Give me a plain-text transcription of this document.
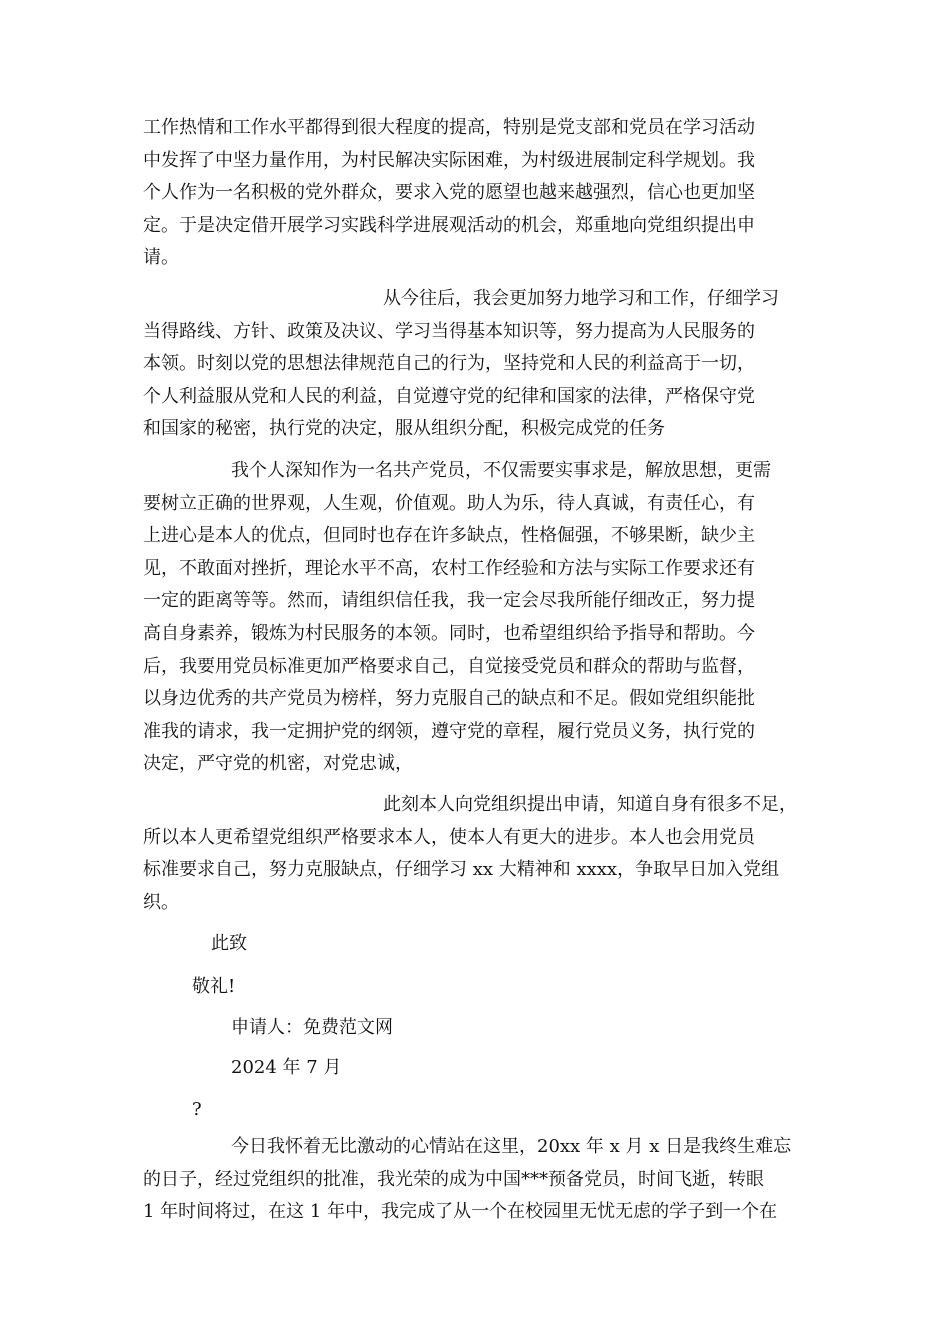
工作热情和工作水平都得到很大程度的提高，特别是党支部和党员在学习活动
中发挥了中坚力量作用，为村民解决实际困难，为村级进展制定科学规划。我
个人作为一名积极的党外群众，要求入党的愿望也越来越强烈，信心也更加坚
定。于是决定借开展学习实践科学进展观活动的机会，郑重地向党组织提出申
请。
从今往后，我会更加努力地学习和工作，仔细学习
当得路线、方针、政策及决议、学习当得基本知识等，努力提高为人民服务的
本领。时刻以党的思想法律规范自己的行为，坚持党和人民的利益高于一切，
个人利益服从党和人民的利益，自觉遵守党的纪律和国家的法律，严格保守党
和国家的秘密，执行党的决定，服从组织分配，积极完成党的任务
我个人深知作为一名共产党员，不仅需要实事求是，解放思想，更需
要树立正确的世界观，人生观，价值观。助人为乐，待人真诚，有责任心，有
上进心是本人的优点，但同时也存在许多缺点，性格倔强，不够果断，缺少主
见，不敢面对挫折，理论水平不高，农村工作经验和方法与实际工作要求还有
一定的距离等等。然而，请组织信任我，我一定会尽我所能仔细改正，努力提
高自身素养，锻炼为村民服务的本领。同时，也希望组织给予指导和帮助。今
后，我要用党员标准更加严格要求自己，自觉接受党员和群众的帮助与监督，
以身边优秀的共产党员为榜样，努力克服自己的缺点和不足。假如党组织能批
准我的请求，我一定拥护党的纲领，遵守党的章程，履行党员义务，执行党的
决定，严守党的机密，对党忠诚，
此刻本人向党组织提出申请，知道自身有很多不足，
所以本人更希望党组织严格要求本人，使本人有更大的进步。本人也会用党员
标准要求自己，努力克服缺点，仔细学习 xx 大精神和 xxxx，争取早日加入党组
织。
此致
敬礼!
申请人：免费范文网
2024 年 7 月
?
今日我怀着无比激动的心情站在这里，20xx 年 x 月 x 日是我终生难忘
的日子，经过党组织的批准，我光荣的成为中国***预备党员，时间飞逝，转眼
1 年时间将过，在这 1 年中，我完成了从一个在校园里无忧无虑的学子到一个在
